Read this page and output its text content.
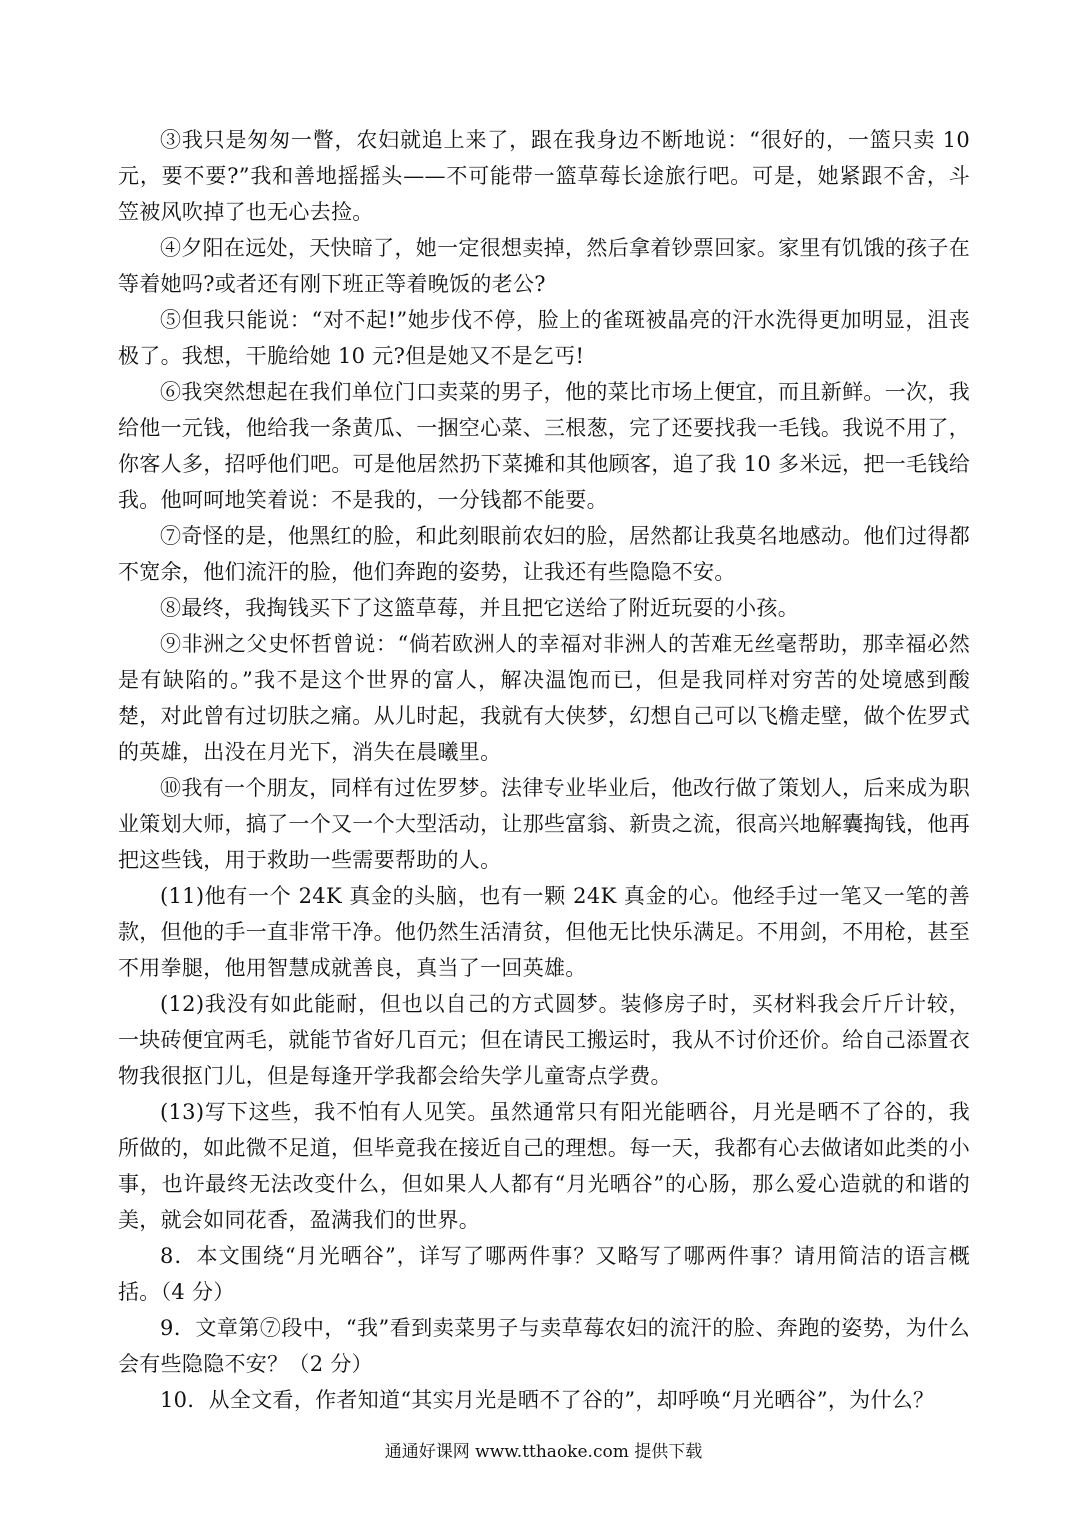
③我只是匆匆一瞥，农妇就追上来了，跟在我身边不断地说：“很好的，一篮只卖 10 元，要不要?”我和善地摇摇头——不可能带一篮草莓长途旅行吧。可是，她紧跟不舍，斗笠被风吹掉了也无心去捡。

④夕阳在远处，天快暗了，她一定很想卖掉，然后拿着钞票回家。家里有饥饿的孩子在等着她吗?或者还有刚下班正等着晚饭的老公?

⑤但我只能说：“对不起!”她步伐不停，脸上的雀斑被晶亮的汗水洗得更加明显，沮丧极了。我想，干脆给她 10 元?但是她又不是乞丐!

⑥我突然想起在我们单位门口卖菜的男子，他的菜比市场上便宜，而且新鲜。一次，我给他一元钱，他给我一条黄瓜、一捆空心菜、三根葱，完了还要找我一毛钱。我说不用了，你客人多，招呼他们吧。可是他居然扔下菜摊和其他顾客，追了我 10 多米远，把一毛钱给我。他呵呵地笑着说：不是我的，一分钱都不能要。

⑦奇怪的是，他黑红的脸，和此刻眼前农妇的脸，居然都让我莫名地感动。他们过得都不宽余，他们流汗的脸，他们奔跑的姿势，让我还有些隐隐不安。

⑧最终，我掏钱买下了这篮草莓，并且把它送给了附近玩耍的小孩。

⑨非洲之父史怀哲曾说：“倘若欧洲人的幸福对非洲人的苦难无丝毫帮助，那幸福必然是有缺陷的。”我不是这个世界的富人，解决温饱而已，但是我同样对穷苦的处境感到酸楚，对此曾有过切肤之痛。从儿时起，我就有大侠梦，幻想自己可以飞檐走壁，做个佐罗式的英雄，出没在月光下，消失在晨曦里。

⑩我有一个朋友，同样有过佐罗梦。法律专业毕业后，他改行做了策划人，后来成为职业策划大师，搞了一个又一个大型活动，让那些富翁、新贵之流，很高兴地解囊掏钱，他再把这些钱，用于救助一些需要帮助的人。

(11)他有一个 24K 真金的头脑，也有一颗 24K 真金的心。他经手过一笔又一笔的善款，但他的手一直非常干净。他仍然生活清贫，但他无比快乐满足。不用剑，不用枪，甚至不用拳腿，他用智慧成就善良，真当了一回英雄。

(12)我没有如此能耐，但也以自己的方式圆梦。装修房子时，买材料我会斤斤计较，一块砖便宜两毛，就能节省好几百元；但在请民工搬运时，我从不讨价还价。给自己添置衣物我很抠门儿，但是每逢开学我都会给失学儿童寄点学费。

(13)写下这些，我不怕有人见笑。虽然通常只有阳光能晒谷，月光是晒不了谷的，我所做的，如此微不足道，但毕竟我在接近自己的理想。每一天，我都有心去做诸如此类的小事，也许最终无法改变什么，但如果人人都有“月光晒谷”的心肠，那么爱心造就的和谐的美，就会如同花香，盈满我们的世界。

8．本文围绕“月光晒谷”，详写了哪两件事？又略写了哪两件事？请用简洁的语言概括。（4 分）

9．文章第⑦段中，“我”看到卖菜男子与卖草莓农妇的流汗的脸、奔跑的姿势，为什么会有些隐隐不安？（2 分）

10．从全文看，作者知道“其实月光是晒不了谷的”，却呼唤“月光晒谷”，为什么？

通通好课网 www.tthaoke.com 提供下载
